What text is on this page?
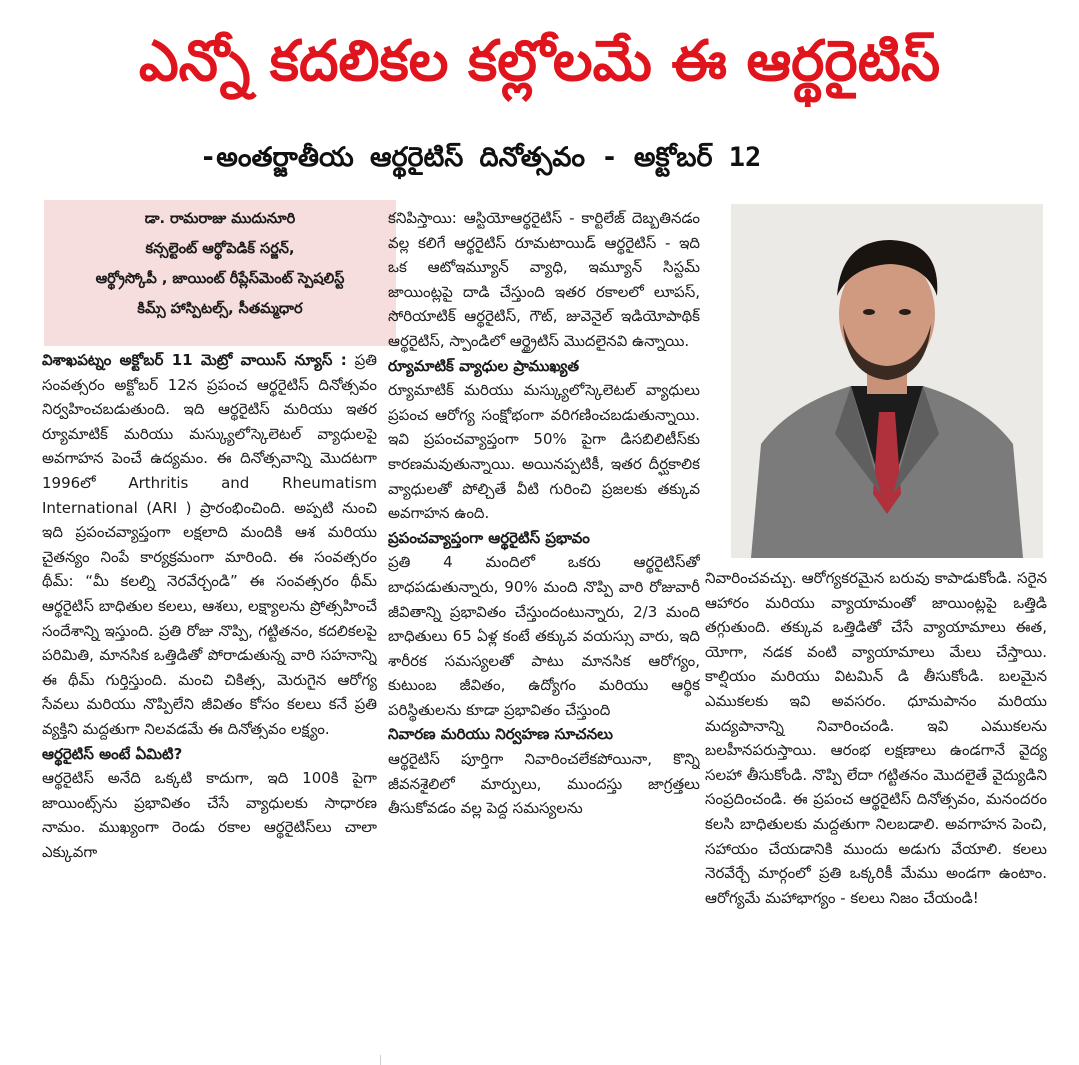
ఎన్నో కదలికల కల్లోలమే ఈ ఆర్థరైటిస్
-అంతర్జాతీయ ఆర్థరైటిస్ దినోత్సవం - అక్టోబర్ 12
డా. రామరాజు ముదునూరి
కన్సల్టెంట్ ఆర్థోపెడిక్ సర్జన్,
ఆర్థ్రోస్కోపీ , జాయింట్ రీప్లేస్‌మెంట్ స్పెషలిస్ట్
కిమ్స్ హాస్పిటల్స్, సీతమ్మధార

విశాఖపట్నం అక్టోబర్ 11 మెట్రో వాయిస్ న్యూస్ : ప్రతి సంవత్సరం అక్టోబర్ 12న ప్రపంచ ఆర్థరైటిస్ దినోత్సవం నిర్వహించబడుతుంది. ఇది ఆర్థరైటిస్ మరియు ఇతర ర్యూమాటిక్ మరియు మస్క్యులోస్కెలెటల్ వ్యాధులపై అవగాహన పెంచే ఉద్యమం. ఈ దినోత్సవాన్ని మొదటగా 1996లో Arthritis and Rheumatism International (ARI ) ప్రారంభించింది. అప్పటి నుంచి ఇది ప్రపంచవ్యాప్తంగా లక్షలాది మందికి ఆశ మరియు చైతన్యం నింపే కార్యక్రమంగా మారింది. ఈ సంవత్సరం థీమ్: “మీ కలల్ని నెరవేర్చండి” ఈ సంవత్సరం థీమ్ ఆర్థరైటిస్ బాధితుల కలలు, ఆశలు, లక్ష్యాలను ప్రోత్సహించే సందేశాన్ని ఇస్తుంది. ప్రతి రోజు నొప్పి, గట్టితనం, కదలికలపై పరిమితి, మానసిక ఒత్తిడితో పోరాడుతున్న వారి సహనాన్ని ఈ థీమ్ గుర్తిస్తుంది. మంచి చికిత్స, మెరుగైన ఆరోగ్య సేవలు మరియు నొప్పిలేని జీవితం కోసం కలలు కనే ప్రతి వ్యక్తిని మద్దతుగా నిలవడమే ఈ దినోత్సవం లక్ష్యం.

ఆర్థరైటిస్ అంటే ఏమిటి?

ఆర్థరైటిస్ అనేది ఒక్కటి కాదుగా, ఇది 100కి పైగా జాయింట్స్‌ను ప్రభావితం చేసే వ్యాధులకు సాధారణ నామం. ముఖ్యంగా రెండు రకాల ఆర్థరైటిస్‌లు చాలా ఎక్కువగా

కనిపిస్తాయి: ఆస్టియోఆర్థరైటిస్ - కార్టిలేజ్ దెబ్బతినడం వల్ల కలిగే ఆర్థరైటిస్ రూమటాయిడ్ ఆర్థరైటిస్ - ఇది ఒక ఆటోఇమ్యూన్ వ్యాధి, ఇమ్యూన్ సిస్టమ్ జాయింట్లపై దాడి చేస్తుంది ఇతర రకాలలో లూపస్, సోరియాటిక్ ఆర్థరైటిస్, గౌట్, జువెనైల్ ఇడియోపాథిక్ ఆర్థరైటిస్, స్పాండిలో ఆర్థ్రైటిస్ మొదలైనవి ఉన్నాయి.

ర్యూమాటిక్ వ్యాధుల ప్రాముఖ్యత

ర్యూమాటిక్ మరియు మస్క్యులోస్కెలెటల్ వ్యాధులు ప్రపంచ ఆరోగ్య సంక్షోభంగా వరిగణించబడుతున్నాయి. ఇవి ప్రపంచవ్యాప్తంగా 50% పైగా డిసబిలిటీస్‌కు కారణమవుతున్నాయి. అయినప్పటికీ, ఇతర దీర్ఘకాలిక వ్యాధులతో పోల్చితే వీటి గురించి ప్రజలకు తక్కువ అవగాహన ఉంది.

ప్రపంచవ్యాప్తంగా ఆర్థరైటిస్ ప్రభావం

ప్రతి 4 మందిలో ఒకరు ఆర్థరైటిస్‌తో బాధపడుతున్నారు, 90% మంది నొప్పి వారి రోజువారీ జీవితాన్ని ప్రభావితం చేస్తుందంటున్నారు, 2/3 మంది బాధితులు 65 ఏళ్ల కంటే తక్కువ వయస్సు వారు, ఇది శారీరక సమస్యలతో పాటు మానసిక ఆరోగ్యం, కుటుంబ జీవితం, ఉద్యోగం మరియు ఆర్థిక పరిస్థితులను కూడా ప్రభావితం చేస్తుంది

నివారణ మరియు నిర్వహణ సూచనలు

ఆర్థరైటిస్ పూర్తిగా నివారించలేకపోయినా, కొన్ని జీవనశైలిలో మార్పులు, ముందస్తు జాగ్రత్తలు తీసుకోవడం వల్ల పెద్ద సమస్యలను

నివారించవచ్చు. ఆరోగ్యకరమైన బరువు కాపాడుకోండి. సరైన ఆహారం మరియు వ్యాయామంతో జాయింట్లపై ఒత్తిడి తగ్గుతుంది. తక్కువ ఒత్తిడితో చేసే వ్యాయామాలు ఈత, యోగా, నడక వంటి వ్యాయామాలు మేలు చేస్తాయి. కాల్షియం మరియు విటమిన్ డి తీసుకోండి. బలమైన ఎముకలకు ఇవి అవసరం. ధూమపానం మరియు మద్యపానాన్ని నివారించండి. ఇవి ఎముకలను బలహీనపరుస్తాయి. ఆరంభ లక్షణాలు ఉండగానే వైద్య సలహా తీసుకోండి. నొప్పి లేదా గట్టితనం మొదలైతే వైద్యుడిని సంప్రదించండి. ఈ ప్రపంచ ఆర్థరైటిస్ దినోత్సవం, మనందరం కలసి బాధితులకు మద్దతుగా నిలబడాలి. అవగాహన పెంచి, సహాయం చేయడానికి ముందు అడుగు వేయాలి. కలలు నెరవేర్చే మార్గంలో ప్రతి ఒక్కరికీ మేము అండగా ఉంటాం. ఆరోగ్యమే మహాభాగ్యం - కలలు నిజం చేయండి!
